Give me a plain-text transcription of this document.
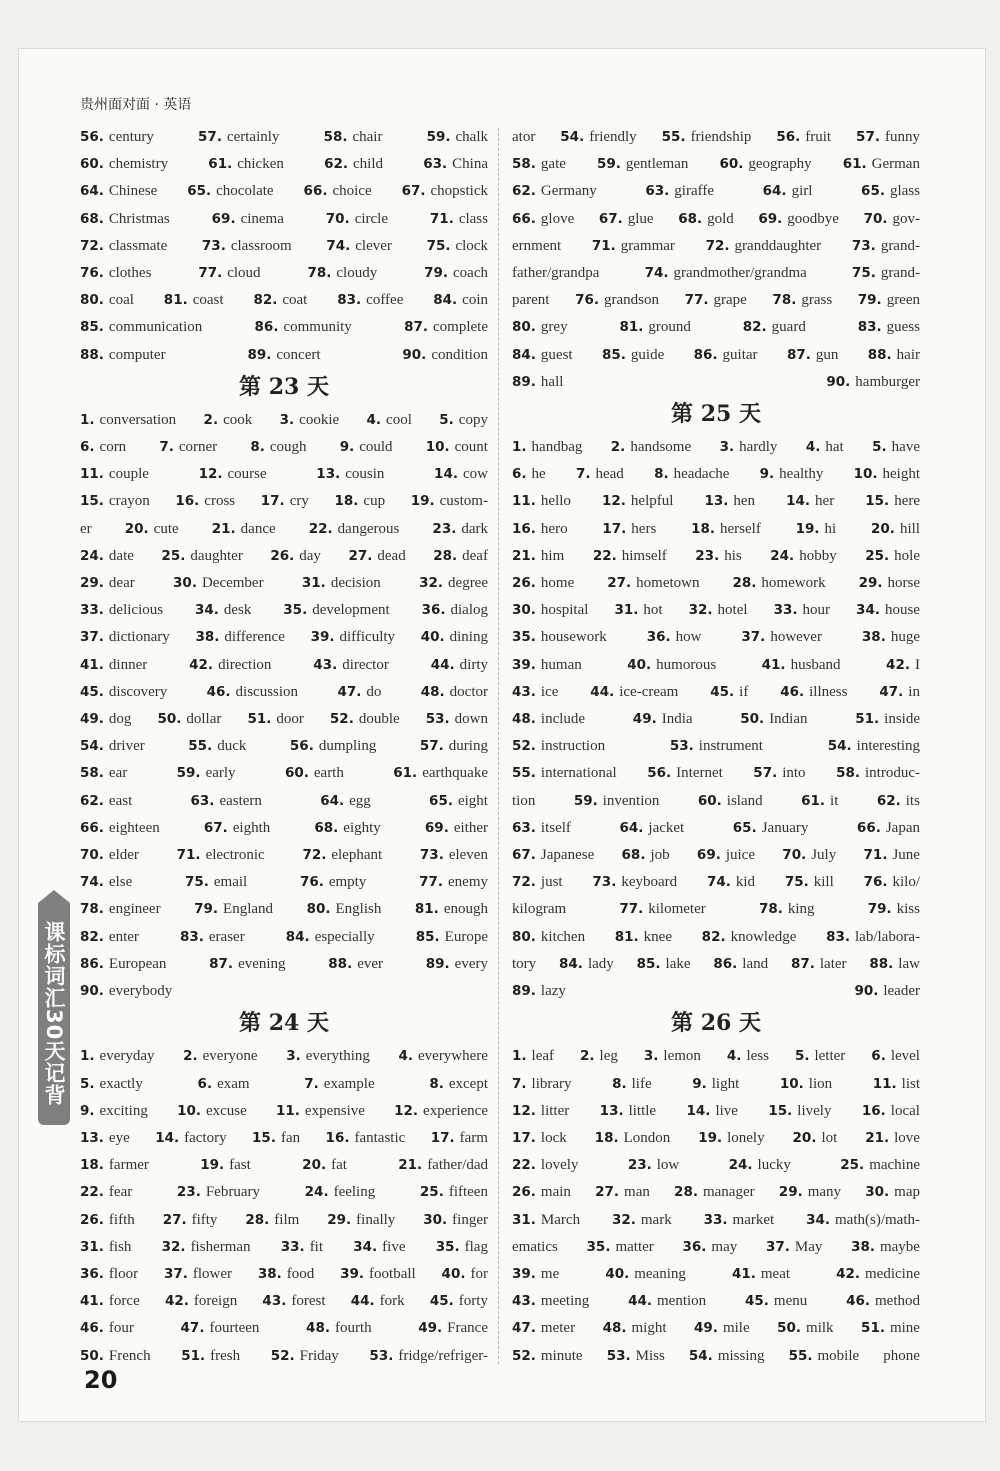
贵州面对面 · 英语
56. century	57. certainly	58. chair	59. chalk
60. chemistry	61. chicken	62. child	63. China
64. Chinese 65. chocolate 66. choice 67. chopstick
68. Christmas	69. cinema	70. circle	71. class
72. classmate	73. classroom	74. clever	75. clock
76. clothes	77. cloud	78. cloudy	79. coach
80. coal 81. coast 82. coat 83. coffee 84. coin
85. communication	86. community	87. complete
88. computer	89. concert	90. condition
第 23 天
1. conversation 2. cook 3. cookie 4. cool 5. copy
6. corn 7. corner 8. cough 9. could 10. count
11. couple	12. course	13. cousin	14. cow
15. crayon 16. cross 17. cry 18. cup 19. custom-
er 20. cute 21. dance 22. dangerous 23. dark
24. date 25. daughter 26. day 27. dead 28. deaf
29. dear	30. December	31. decision	32. degree
33. delicious 34. desk 35. development 36. dialog
37. dictionary 38. difference 39. difficulty 40. dining
41. dinner	42. direction	43. director	44. dirty
45. discovery	46. discussion	47. do	48. doctor
49. dog 50. dollar 51. door 52. double 53. down
54. driver	55. duck	56. dumpling	57. during
58. ear	59. early	60. earth	61. earthquake
62. east	63. eastern	64. egg	65. eight
66. eighteen	67. eighth	68. eighty	69. either
70. elder	71. electronic	72. elephant	73. eleven
74. else	75. email	76. empty	77. enemy
78. engineer 79. England 80. English 81. enough
82. enter	83. eraser	84. especially	85. Europe
86. European	87. evening	88. ever	89. every
90. everybody
第 24 天
1. everyday 2. everyone 3. everything 4. everywhere
5. exactly	6. exam	7. example	8. except
9. exciting 10. excuse 11. expensive 12. experience
13. eye 14. factory 15. fan 16. fantastic 17. farm
18. farmer	19. fast	20. fat	21. father/dad
22. fear	23. February	24. feeling	25. fifteen
26. fifth 27. fifty 28. film 29. finally 30. finger
31. fish 32. fisherman 33. fit 34. five 35. flag
36. floor 37. flower 38. food 39. football 40. for
41. force 42. foreign 43. forest 44. fork 45. forty
46. four	47. fourteen	48. fourth	49. France
50. French 51. fresh 52. Friday 53. fridge/refriger-
ator 54. friendly 55. friendship 56. fruit 57. funny
58. gate 59. gentleman 60. geography 61. German
62. Germany	63. giraffe	64. girl	65. glass
66. glove 67. glue 68. gold 69. goodbye 70. gov-
ernment 71. grammar 72. granddaughter 73. grand-
father/grandpa	74. grandmother/grandma	75. grand-
parent 76. grandson 77. grape 78. grass 79. green
80. grey	81. ground	82. guard	83. guess
84. guest 85. guide 86. guitar 87. gun 88. hair
89. hall	90. hamburger
第 25 天
1. handbag 2. handsome 3. hardly 4. hat 5. have
6. he 7. head 8. headache 9. healthy 10. height
11. hello 12. helpful 13. hen 14. her 15. here
16. hero	17. hers	18. herself	19. hi	20. hill
21. him 22. himself 23. his 24. hobby 25. hole
26. home 27. hometown 28. homework 29. horse
30. hospital 31. hot 32. hotel 33. hour 34. house
35. housework	36. how	37. however	38. huge
39. human	40. humorous	41. husband	42. I
43. ice 44. ice-cream 45. if 46. illness 47. in
48. include	49. India	50. Indian	51. inside
52. instruction	53. instrument	54. interesting
55. international 56. Internet 57. into 58. introduc-
tion	59. invention	60. island	61. it	62. its
63. itself	64. jacket	65. January	66. Japan
67. Japanese 68. job 69. juice 70. July 71. June
72. just 73. keyboard 74. kid 75. kill 76. kilo/
kilogram	77. kilometer	78. king	79. kiss
80. kitchen 81. knee 82. knowledge 83. lab/labora-
tory 84. lady 85. lake 86. land 87. later 88. law
89. lazy	90. leader
第 26 天
1. leaf 2. leg 3. lemon 4. less 5. letter 6. level
7. library	8. life	9. light	10. lion	11. list
12. litter 13. little 14. live 15. lively 16. local
17. lock 18. London 19. lonely 20. lot 21. love
22. lovely	23. low	24. lucky	25. machine
26. main 27. man 28. manager 29. many 30. map
31. March 32. mark 33. market 34. math(s)/math-
ematics 35. matter 36. may 37. May 38. maybe
39. me	40. meaning	41. meat	42. medicine
43. meeting	44. mention	45. menu	46. method
47. meter 48. might 49. mile 50. milk 51. mine
52. minute 53. Miss 54. missing 55. mobile phone
课标词汇30天记背
20
